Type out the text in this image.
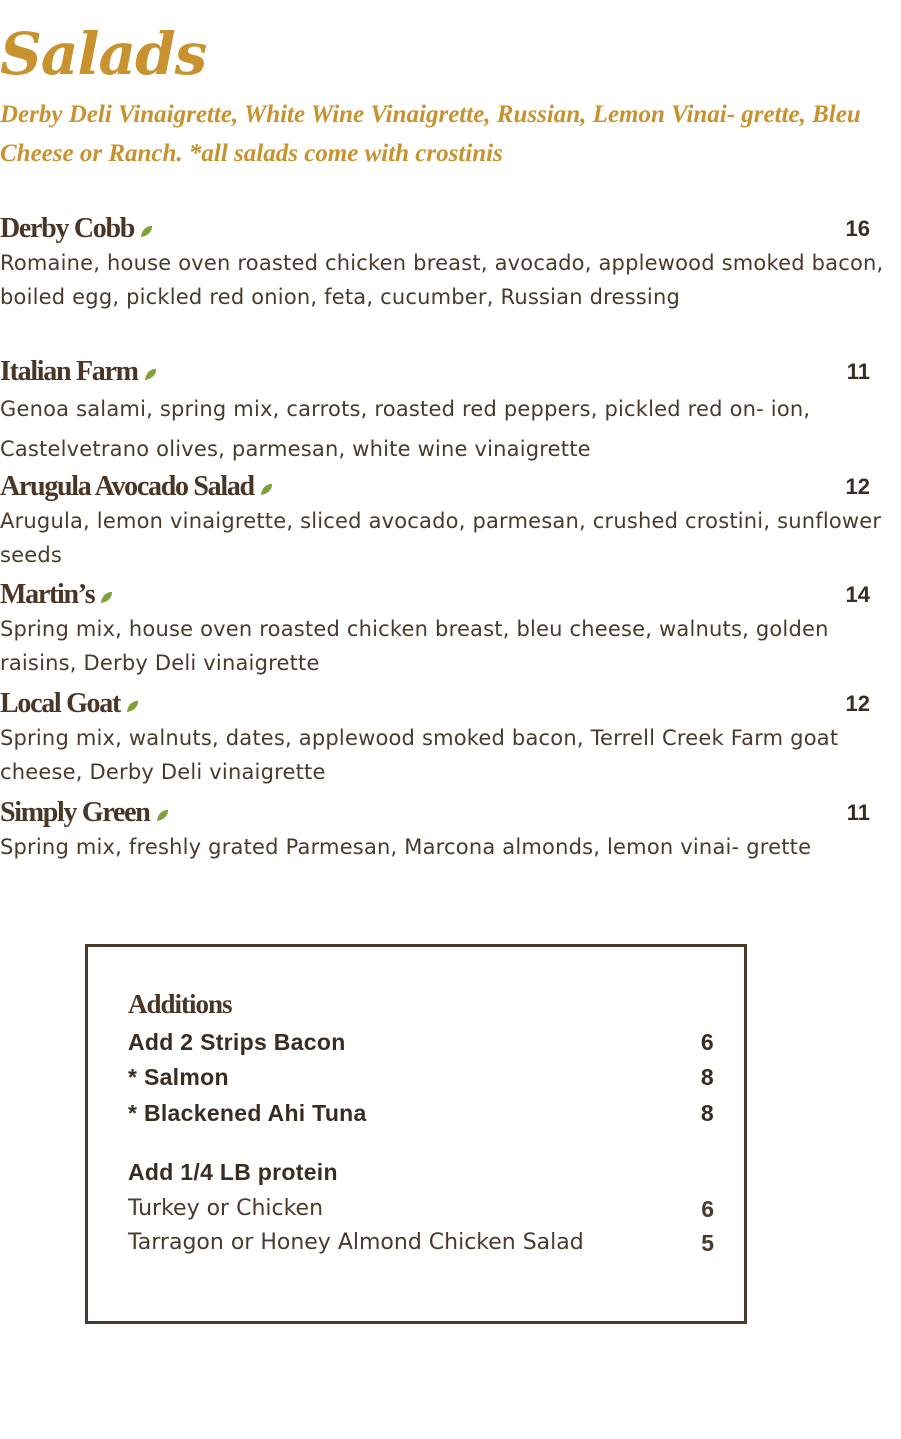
Salads

Derby Deli Vinaigrette, White Wine Vinaigrette, Russian, Lemon Vinai- grette, Bleu Cheese or Ranch. *all salads come with crostinis

Derby Cobb	16

Romaine, house oven roasted chicken breast, avocado, applewood smoked bacon, boiled egg, pickled red onion, feta, cucumber, Russian dressing

Italian Farm	11

Genoa salami, spring mix, carrots, roasted red peppers, pickled red on- ion, Castelvetrano olives, parmesan, white wine vinaigrette

Arugula Avocado Salad	12

Arugula, lemon vinaigrette, sliced avocado, parmesan, crushed crostini, sunflower seeds

Martin’s	14

Spring mix, house oven roasted chicken breast, bleu cheese, walnuts, golden raisins, Derby Deli vinaigrette

Local Goat	12

Spring mix, walnuts, dates, applewood smoked bacon, Terrell Creek Farm goat cheese, Derby Deli vinaigrette

Simply Green	11

Spring mix, freshly grated Parmesan, Marcona almonds, lemon vinai- grette

Additions
Add 2 Strips Bacon	6
* Salmon	8
* Blackened Ahi Tuna	8
Add 1/4 LB protein
Turkey or Chicken	6
Tarragon or Honey Almond Chicken Salad	5
